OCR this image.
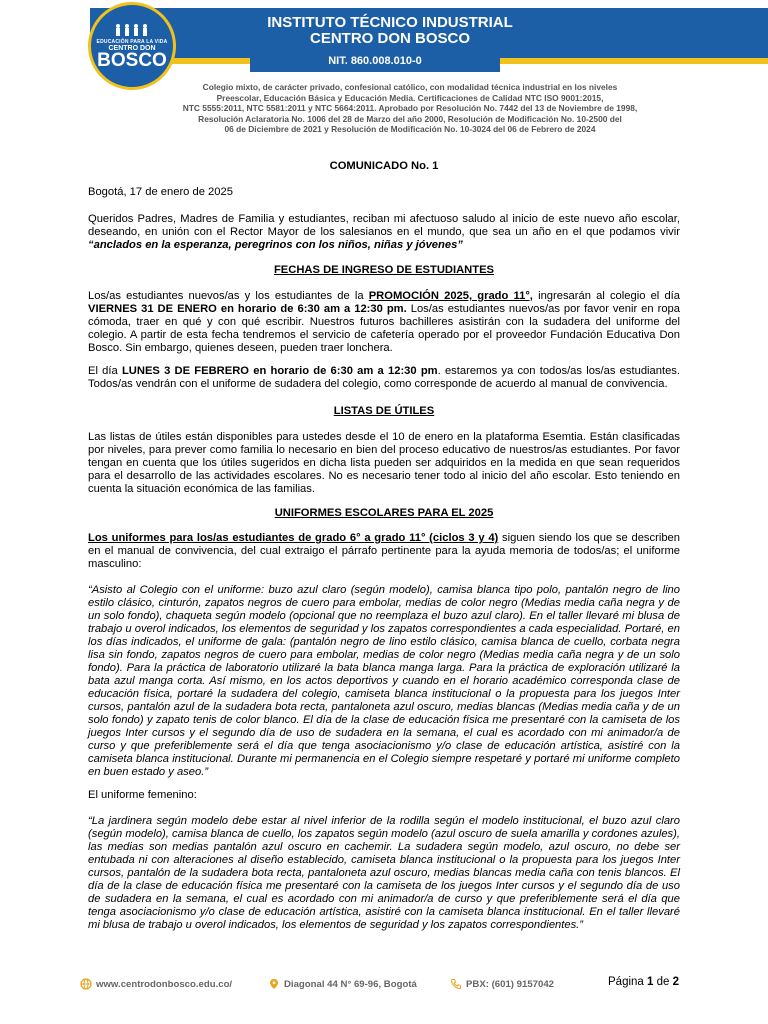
EDUCACIÓN PARA LA VIDA
CENTRO DON
BOSCO
INSTITUTO TÉCNICO INDUSTRIAL
CENTRO DON BOSCO
NIT. 860.008.010-0
Colegio mixto, de carácter privado, confesional católico, con modalidad técnica industrial en los niveles
Preescolar, Educación Básica y Educación Media. Certificaciones de Calidad NTC ISO 9001:2015,
NTC 5555:2011, NTC 5581:2011 y NTC 5664:2011. Aprobado por Resolución No. 7442 del 13 de Noviembre de 1998,
Resolución Aclaratoria No. 1006 del 28 de Marzo del año 2000, Resolución de Modificación No. 10-2500 del
06 de Diciembre de 2021 y Resolución de Modificación No. 10-3024 del 06 de Febrero de 2024
COMUNICADO No. 1
Bogotá, 17 de enero de 2025
Queridos Padres, Madres de Familia y estudiantes, reciban mi afectuoso saludo al inicio de este nuevo año escolar, deseando, en unión con el Rector Mayor de los salesianos en el mundo, que sea un año en el que podamos vivir “anclados en la esperanza, peregrinos con los niños, niñas y jóvenes”
FECHAS DE INGRESO DE ESTUDIANTES
Los/as estudiantes nuevos/as y los estudiantes de la PROMOCIÓN 2025, grado 11°, ingresarán al colegio el día VIERNES 31 DE ENERO en horario de 6:30 am a 12:30 pm. Los/as estudiantes nuevos/as por favor venir en ropa cómoda, traer en qué y con qué escribir. Nuestros futuros bachilleres asistirán con la sudadera del uniforme del colegio. A partir de esta fecha tendremos el servicio de cafetería operado por el proveedor Fundación Educativa Don Bosco. Sin embargo, quienes deseen, pueden traer lonchera.
El día LUNES 3 DE FEBRERO en horario de 6:30 am a 12:30 pm. estaremos ya con todos/as los/as estudiantes. Todos/as vendrán con el uniforme de sudadera del colegio, como corresponde de acuerdo al manual de convivencia.
LISTAS DE ÚTILES
Las listas de útiles están disponibles para ustedes desde el 10 de enero en la plataforma Esemtia. Están clasificadas por niveles, para prever como familia lo necesario en bien del proceso educativo de nuestros/as estudiantes. Por favor tengan en cuenta que los útiles sugeridos en dicha lista pueden ser adquiridos en la medida en que sean requeridos para el desarrollo de las actividades escolares. No es necesario tener todo al inicio del año escolar. Esto teniendo en cuenta la situación económica de las familias.
UNIFORMES ESCOLARES PARA EL 2025
Los uniformes para los/as estudiantes de grado 6° a grado 11° (ciclos 3 y 4) siguen siendo los que se describen en el manual de convivencia, del cual extraigo el párrafo pertinente para la ayuda memoria de todos/as; el uniforme masculino:
“Asisto al Colegio con el uniforme: buzo azul claro (según modelo), camisa blanca tipo polo, pantalón negro de lino estilo clásico, cinturón, zapatos negros de cuero para embolar, medias de color negro (Medias media caña negra y de un solo fondo), chaqueta según modelo (opcional que no reemplaza el buzo azul claro). En el taller llevaré mi blusa de trabajo u overol indicados, los elementos de seguridad y los zapatos correspondientes a cada especialidad. Portaré, en los días indicados, el uniforme de gala: (pantalón negro de lino estilo clásico, camisa blanca de cuello, corbata negra lisa sin fondo, zapatos negros de cuero para embolar, medias de color negro (Medias media caña negra y de un solo fondo). Para la práctica de laboratorio utilizaré la bata blanca manga larga. Para la práctica de exploración utilizaré la bata azul manga corta. Así mismo, en los actos deportivos y cuando en el horario académico corresponda clase de educación física, portaré la sudadera del colegio, camiseta blanca institucional o la propuesta para los juegos Inter cursos, pantalón azul de la sudadera bota recta, pantaloneta azul oscuro, medias blancas (Medias media caña y de un solo fondo) y zapato tenis de color blanco. El día de la clase de educación física me presentaré con la camiseta de los juegos Inter cursos y el segundo día de uso de sudadera en la semana, el cual es acordado con mi animador/a de curso y que preferiblemente será el día que tenga asociacionismo y/o clase de educación artística, asistiré con la camiseta blanca institucional. Durante mi permanencia en el Colegio siempre respetaré y portaré mi uniforme completo en buen estado y aseo.”
El uniforme femenino:
“La jardinera según modelo debe estar al nivel inferior de la rodilla según el modelo institucional, el buzo azul claro (según modelo), camisa blanca de cuello, los zapatos según modelo (azul oscuro de suela amarilla y cordones azules), las medias son medias pantalón azul oscuro en cachemir. La sudadera según modelo, azul oscuro, no debe ser entubada ni con alteraciones al diseño establecido, camiseta blanca institucional o la propuesta para los juegos Inter cursos, pantalón de la sudadera bota recta, pantaloneta azul oscuro, medias blancas media caña con tenis blancos. El día de la clase de educación física me presentaré con la camiseta de los juegos Inter cursos y el segundo día de uso de sudadera en la semana, el cual es acordado con mi animador/a de curso y que preferiblemente será el día que tenga asociacionismo y/o clase de educación artística, asistiré con la camiseta blanca institucional. En el taller llevaré mi blusa de trabajo u overol indicados, los elementos de seguridad y los zapatos correspondientes.”
www.centrodonbosco.edu.co/	Diagonal 44 N° 69-96, Bogotá	PBX: (601) 9157042	Página 1 de 2
